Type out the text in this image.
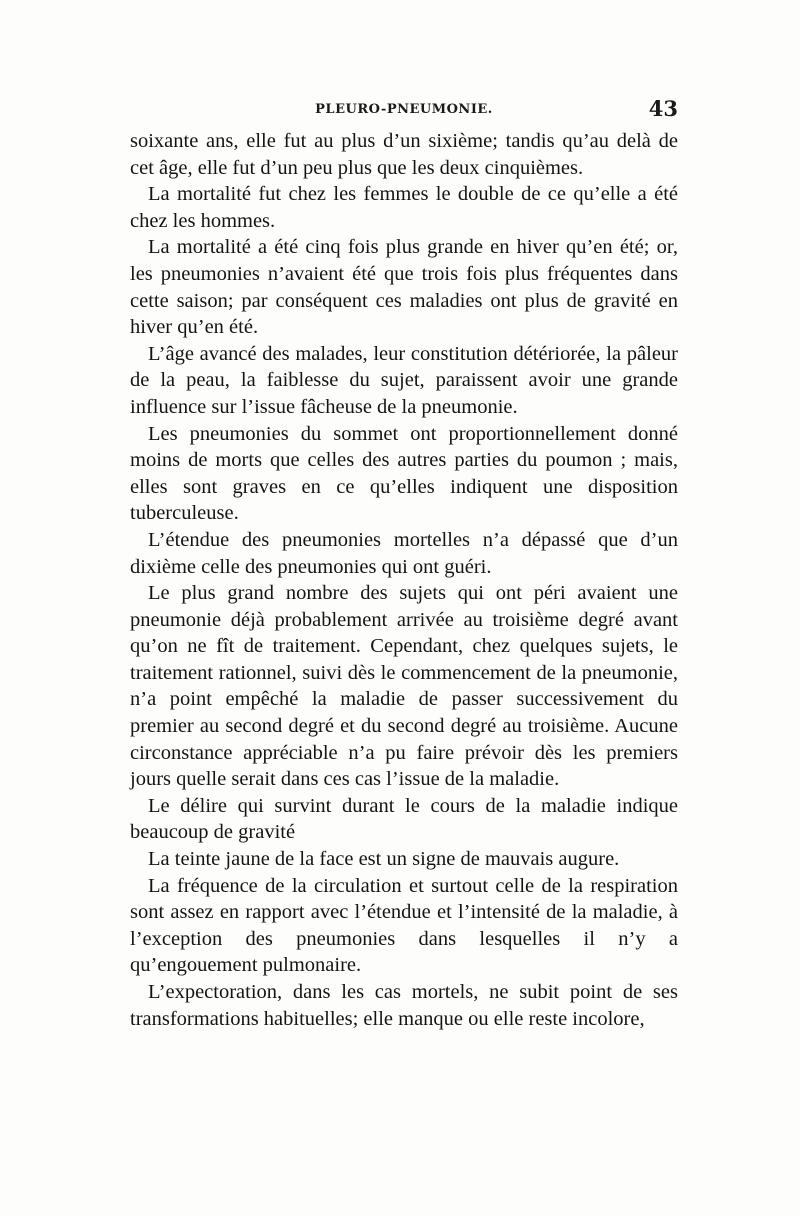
PLEURO-PNEUMONIE.	43

soixante ans, elle fut au plus d’un sixième; tandis qu’au delà de cet âge, elle fut d’un peu plus que les deux cinquièmes.

La mortalité fut chez les femmes le double de ce qu’elle a été chez les hommes.

La mortalité a été cinq fois plus grande en hiver qu’en été; or, les pneumonies n’avaient été que trois fois plus fréquentes dans cette saison; par conséquent ces maladies ont plus de gravité en hiver qu’en été.

L’âge avancé des malades, leur constitution détériorée, la pâleur de la peau, la faiblesse du sujet, paraissent avoir une grande influence sur l’issue fâcheuse de la pneumonie.

Les pneumonies du sommet ont proportionnellement donné moins de morts que celles des autres parties du poumon ; mais, elles sont graves en ce qu’elles indiquent une disposition tuberculeuse.

L’étendue des pneumonies mortelles n’a dépassé que d’un dixième celle des pneumonies qui ont guéri.

Le plus grand nombre des sujets qui ont péri avaient une pneumonie déjà probablement arrivée au troisième degré avant qu’on ne fît de traitement. Cependant, chez quelques sujets, le traitement rationnel, suivi dès le commencement de la pneumonie, n’a point empêché la maladie de passer successivement du premier au second degré et du second degré au troisième. Aucune circonstance appréciable n’a pu faire prévoir dès les premiers jours quelle serait dans ces cas l’issue de la maladie.

Le délire qui survint durant le cours de la maladie indique beaucoup de gravité

La teinte jaune de la face est un signe de mauvais augure.

La fréquence de la circulation et surtout celle de la respiration sont assez en rapport avec l’étendue et l’intensité de la maladie, à l’exception des pneumonies dans lesquelles il n’y a qu’engouement pulmonaire.

L’expectoration, dans les cas mortels, ne subit point de ses transformations habituelles; elle manque ou elle reste incolore,
